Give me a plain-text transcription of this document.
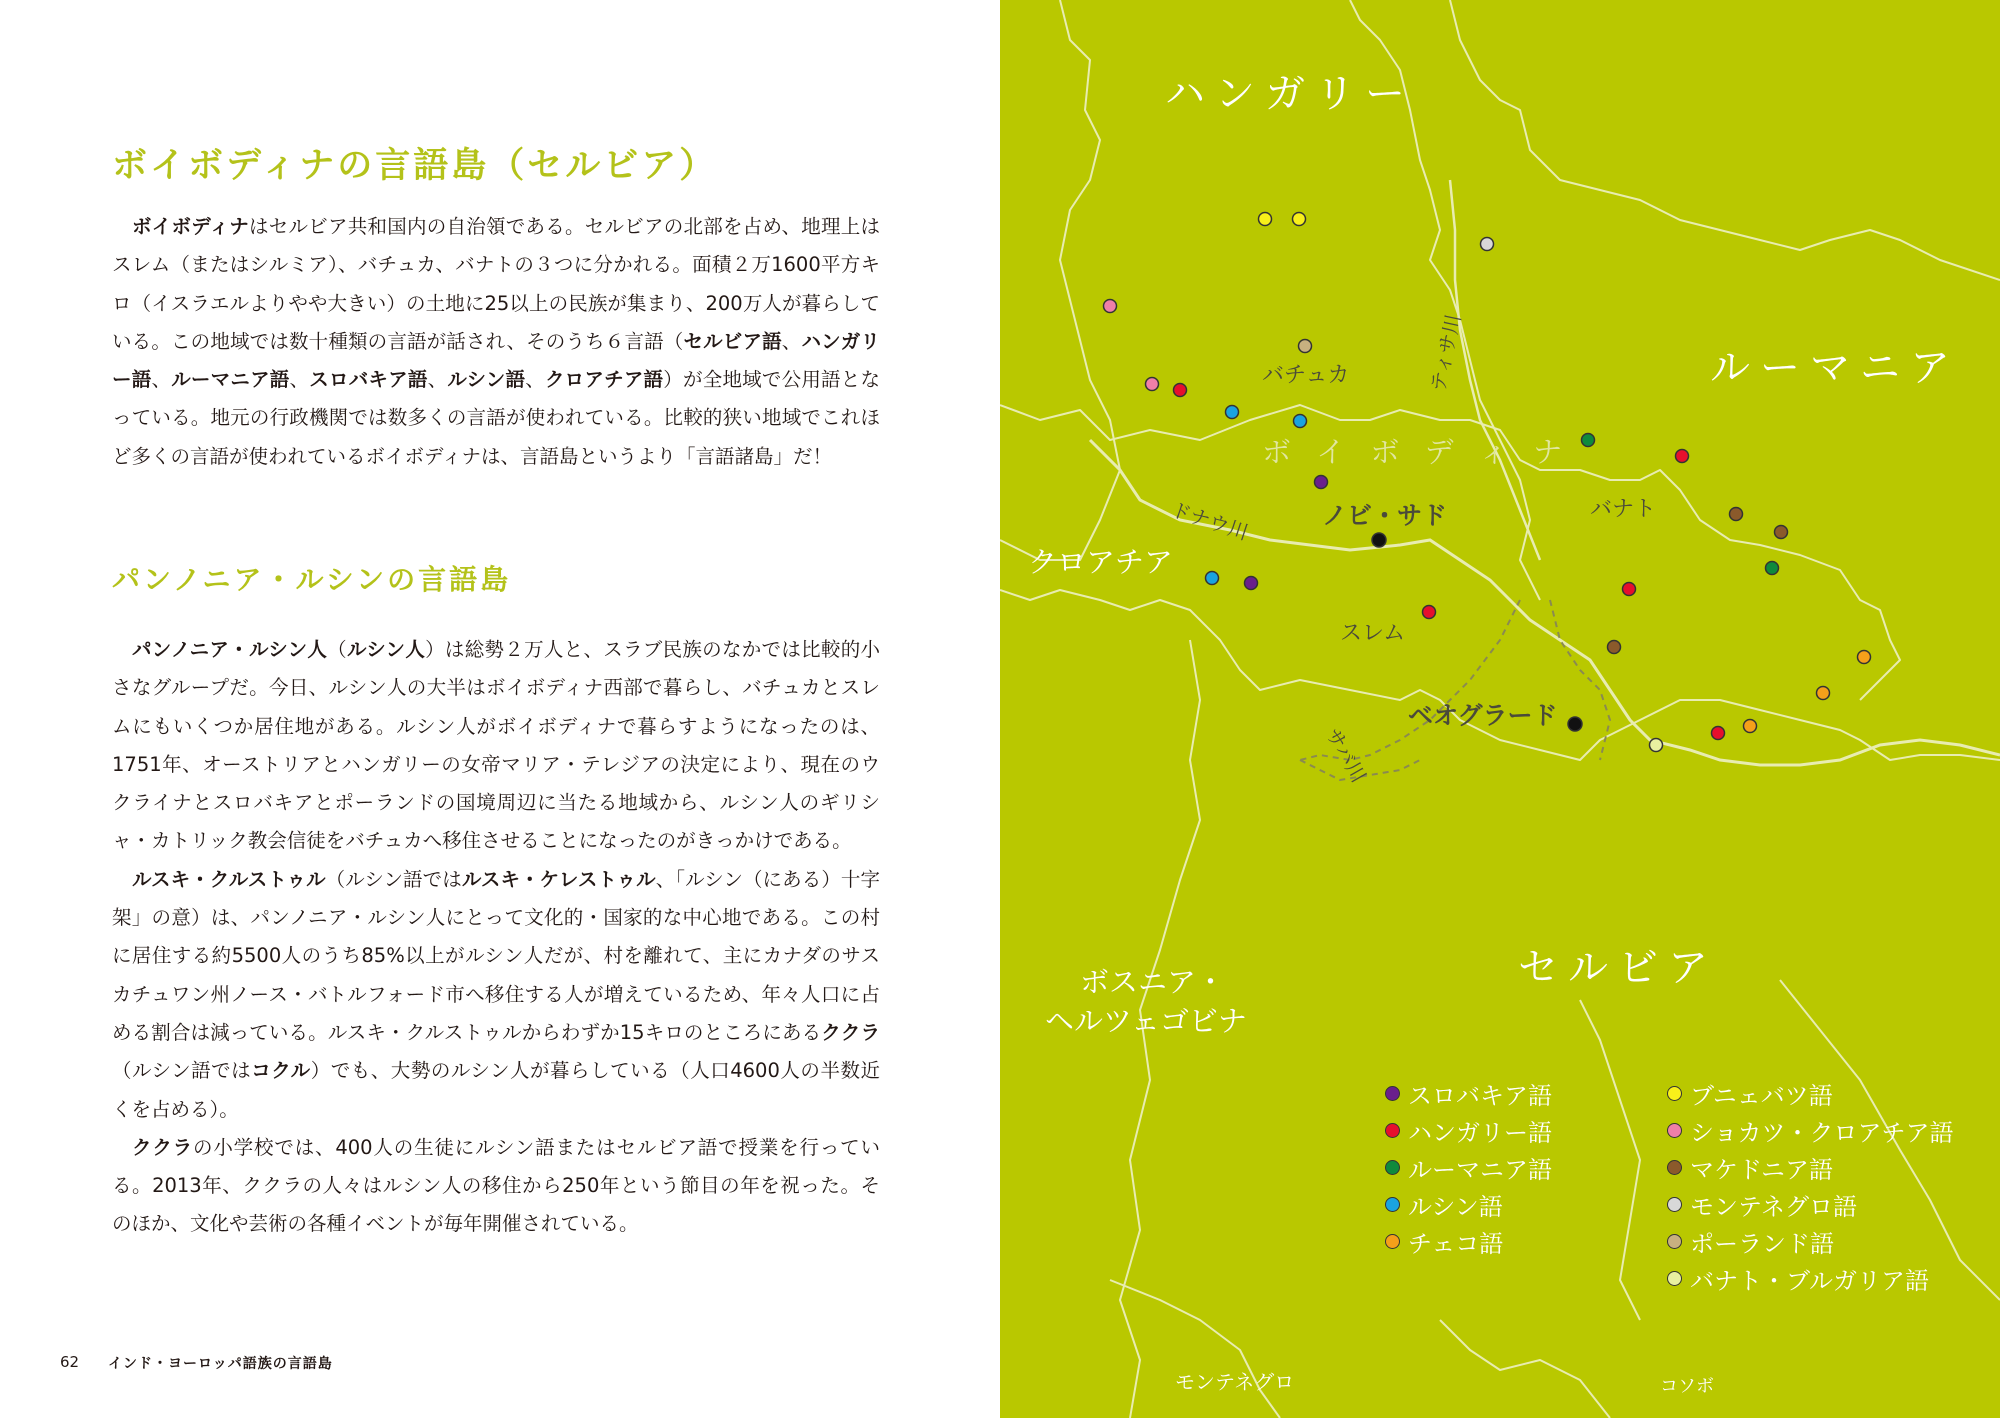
ボイボディナの言語島（セルビア）

ボイボディナはセルビア共和国内の自治領である。セルビアの北部を占め、地理上はスレム（またはシルミア）、バチュカ、バナトの３つに分かれる。面積２万1600平方キロ（イスラエルよりやや大きい）の土地に25以上の民族が集まり、200万人が暮らしている。この地域では数十種類の言語が話され、そのうち６言語（セルビア語、ハンガリー語、ルーマニア語、スロバキア語、ルシン語、クロアチア語）が全地域で公用語となっている。地元の行政機関では数多くの言語が使われている。比較的狭い地域でこれほど多くの言語が使われているボイボディナは、言語島というより「言語諸島」だ！

パンノニア・ルシンの言語島

パンノニア・ルシン人（ルシン人）は総勢２万人と、スラブ民族のなかでは比較的小さなグループだ。今日、ルシン人の大半はボイボディナ西部で暮らし、バチュカとスレムにもいくつか居住地がある。ルシン人がボイボディナで暮らすようになったのは、1751年、オーストリアとハンガリーの女帝マリア・テレジアの決定により、現在のウクライナとスロバキアとポーランドの国境周辺に当たる地域から、ルシン人のギリシャ・カトリック教会信徒をバチュカへ移住させることになったのがきっかけである。

ルスキ・クルストゥル（ルシン語ではルスキ・ケレストゥル、「ルシン（にある）十字架」の意）は、パンノニア・ルシン人にとって文化的・国家的な中心地である。この村に居住する約5500人のうち85%以上がルシン人だが、村を離れて、主にカナダのサスカチュワン州ノース・バトルフォード市へ移住する人が増えているため、年々人口に占める割合は減っている。ルスキ・クルストゥルからわずか15キロのところにあるククラ（ルシン語ではコクル）でも、大勢のルシン人が暮らしている（人口4600人の半数近くを占める）。

ククラの小学校では、400人の生徒にルシン語またはセルビア語で授業を行っている。2013年、ククラの人々はルシン人の移住から250年という節目の年を祝った。そのほか、文化や芸術の各種イベントが毎年開催されている。

62 インド・ヨーロッパ語族の言語島
ハンガリー
ルーマニア
クロアチア
ボスニア・
ヘルツェゴビナ
セルビア
モンテネグロ	コソボ
ボ イ ボ デ ィ ナ
バチュカ
バナト
スレム
ドナウ川
ティサ川
サバ川
ノビ・サド
ベオグラード
スロバキア語
ハンガリー語
ルーマニア語
ルシン語
チェコ語
ブニェバツ語
ショカツ・クロアチア語
マケドニア語
モンテネグロ語
ポーランド語
バナト・ブルガリア語
